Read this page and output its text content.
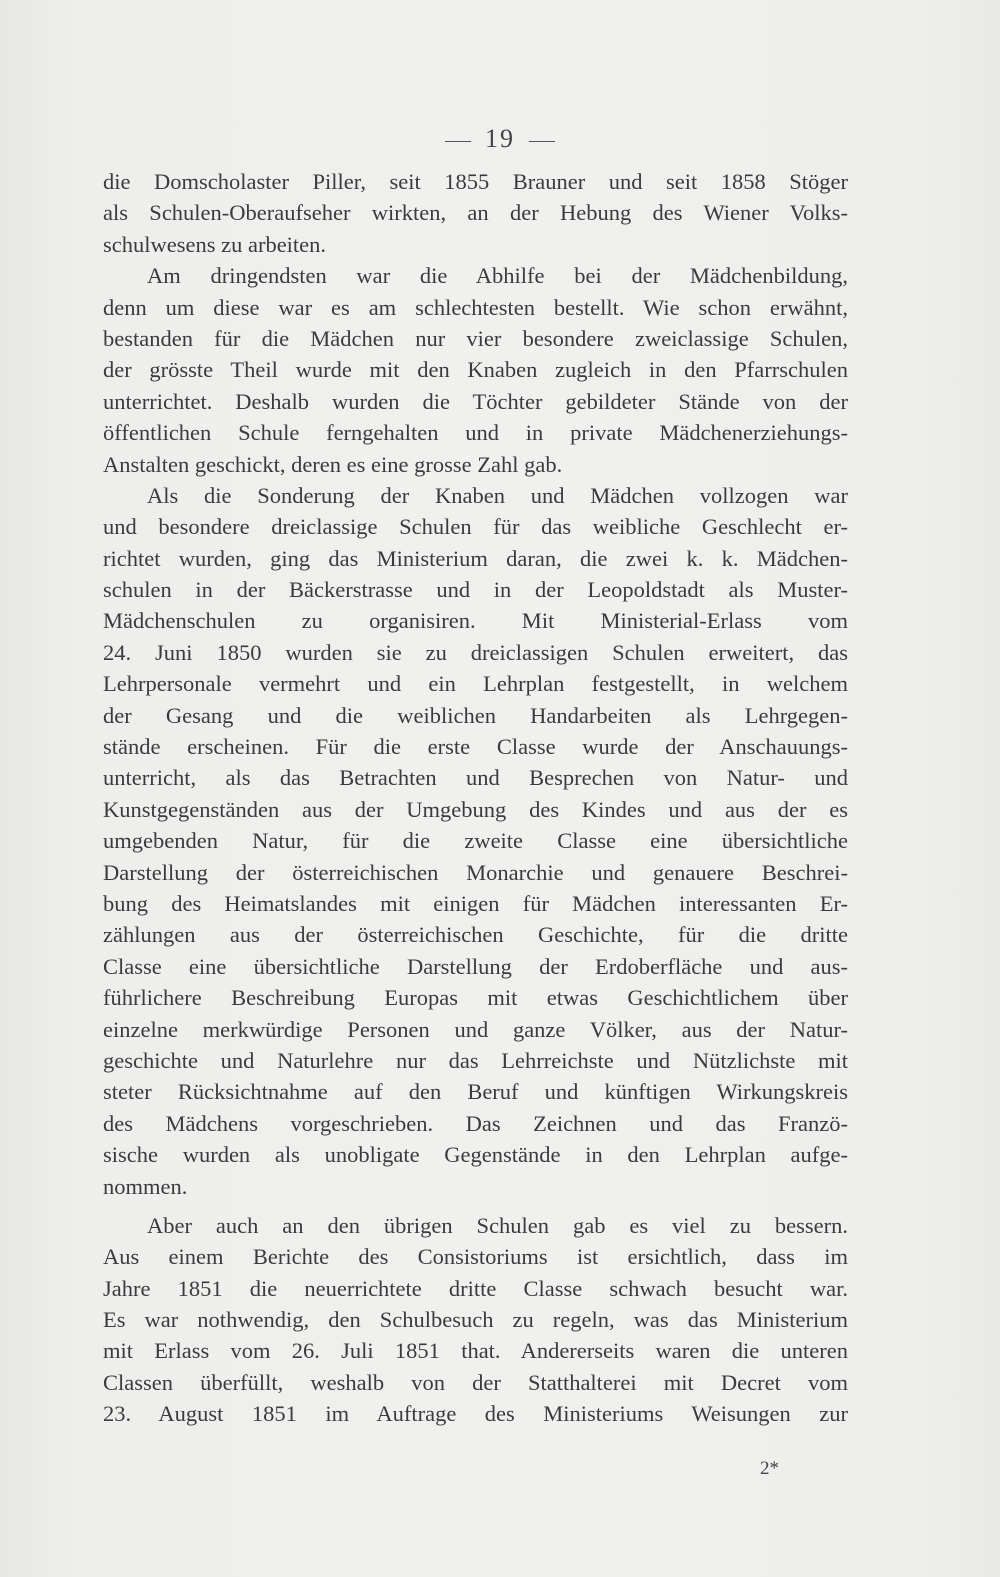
19
die Domscholaster Piller, seit 1855 Brauner und seit 1858 Stöger
als Schulen-Oberaufseher wirkten, an der Hebung des Wiener Volks-
schulwesens zu arbeiten.
Am dringendsten war die Abhilfe bei der Mädchenbildung,
denn um diese war es am schlechtesten bestellt. Wie schon erwähnt,
bestanden für die Mädchen nur vier besondere zweiclassige Schulen,
der grösste Theil wurde mit den Knaben zugleich in den Pfarrschulen
unterrichtet. Deshalb wurden die Töchter gebildeter Stände von der
öffentlichen Schule ferngehalten und in private Mädchenerziehungs-
Anstalten geschickt, deren es eine grosse Zahl gab.
Als die Sonderung der Knaben und Mädchen vollzogen war
und besondere dreiclassige Schulen für das weibliche Geschlecht er-
richtet wurden, ging das Ministerium daran, die zwei k. k. Mädchen-
schulen in der Bäckerstrasse und in der Leopoldstadt als Muster-
Mädchenschulen zu organisiren. Mit Ministerial-Erlass vom
24. Juni 1850 wurden sie zu dreiclassigen Schulen erweitert, das
Lehrpersonale vermehrt und ein Lehrplan festgestellt, in welchem
der Gesang und die weiblichen Handarbeiten als Lehrgegen-
stände erscheinen. Für die erste Classe wurde der Anschauungs-
unterricht, als das Betrachten und Besprechen von Natur- und
Kunstgegenständen aus der Umgebung des Kindes und aus der es
umgebenden Natur, für die zweite Classe eine übersichtliche
Darstellung der österreichischen Monarchie und genauere Beschrei-
bung des Heimatslandes mit einigen für Mädchen interessanten Er-
zählungen aus der österreichischen Geschichte, für die dritte
Classe eine übersichtliche Darstellung der Erdoberfläche und aus-
führlichere Beschreibung Europas mit etwas Geschichtlichem über
einzelne merkwürdige Personen und ganze Völker, aus der Natur-
geschichte und Naturlehre nur das Lehrreichste und Nützlichste mit
steter Rücksichtnahme auf den Beruf und künftigen Wirkungskreis
des Mädchens vorgeschrieben. Das Zeichnen und das Franzö-
sische wurden als unobligate Gegenstände in den Lehrplan aufge-
nommen.
Aber auch an den übrigen Schulen gab es viel zu bessern.
Aus einem Berichte des Consistoriums ist ersichtlich, dass im
Jahre 1851 die neuerrichtete dritte Classe schwach besucht war.
Es war nothwendig, den Schulbesuch zu regeln, was das Ministerium
mit Erlass vom 26. Juli 1851 that. Andererseits waren die unteren
Classen überfüllt, weshalb von der Statthalterei mit Decret vom
23. August 1851 im Auftrage des Ministeriums Weisungen zur
2*
